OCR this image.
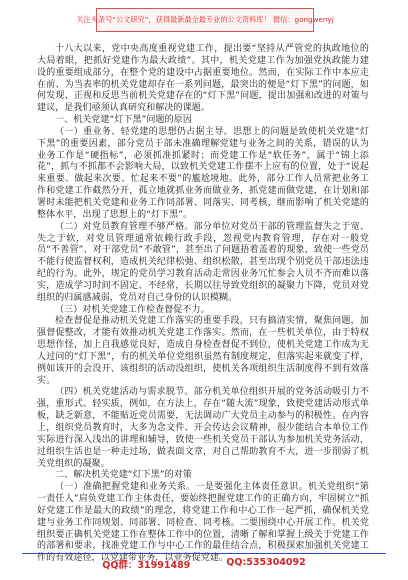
关注头条号“公文研究”，获得最新最全最专业的公文资料库！ 微信：gongwenyj

十八大以来，党中央高度重视党建工作，提出要“坚持从严管党的执政地位的大局着眼，把抓好党建作为最大政绩”。其中，机关党建工作为加强党执政能力建设的重要组成部分，在整个党的建设中占据重要地位。然而，在实际工作中本应走在前、为当表率的机关党建却存在一系列问题，最突出的便是“灯下黑”的问题，如何发现、正视和反思当前机关党建存在的“灯下黑”问题，提出加强和改进的对策与建议，是我们亟须认真研究和解决的课题。

一、机关党建“灯下黑”问题的原因

（一）重业务、轻党建的思想仍占据主导。思想上的问题是致使机关党建“灯下黑”的重要因素，部分党员干部未准确理解党建与业务之间的关系，错误的认为业务工作是“硬指标”，必须抓准抓紧时；而党建工作是“软任务”，属于“锦上添花”，抓与不抓都不会影响大局，以致机关党建工作摆不上应有的位置，处于“说起来重要、做起来次要、忙起来不要”的尴尬境地。此外，部分工作人员常把业务工作和党建工作截然分开，孤立地就抓业务而做业务，抓党建而做党建，在计划和部署时未能把机关党建和业务工作同部署、同落实、同考核，继而影响了机关党建的整体水平，出现了思想上的“灯下黑”。

（二）对党员教育管理不够严格。部分单位对党员干部的管理监督失之于宽、失之于软，对党员管理通常依赖行政手段，忽视党内教育管理，存在对一般党员“不善管”、对干部党员“不敢管”，甚至出了问题捂着盖着的现象，致使一些党员不能行使监督权利，造成机关纪律松弛、组织松散，甚至出现个别党员干部违法违纪的行为。此外，规定的党员学习教育活动走常因业务冗忙参会人员不齐而难以落实，造成学习时间不固定、不经常，长期以往导致党组织的凝聚力下降，党员对党组织的归属感减弱，党员对自己身份的认识模糊。

（三）对机关党建工作检查督促不力。

检查督促是推动机关党建工作落实的重要手段，只有搞清实情，聚焦问题，加强督促整改，才能有效推动机关党建工作落实。然而，在一些机关单位，由于特权思想作怪，加上自我感觉良好，造成自身检查督促不到位，使机关党建工作成为无人过问的“灯下黑”，有的机关单位党组织虽然有制度规定，但落实起来就变了样，例如该开的会没开、该组织的活动没组织，使机关各项组织生活制度得不到有效落实。

（四）机关党建活动与需求脱节。部分机关单位组织开展的党务活动吸引力不强，重形式、轻实质，例如，在方法上，存在“随大流”现象，致使党建活动形式单板，缺乏新意，不能贴近党员需要，无法调动广大党员主动参与的积极性。在内容上，组织党员教育时，大多为念文件、开会传达会议精神，很少能结合本单位工作实际进行深入浅出的讲理和辅导，致使一些机关党员干部认为参加机关党务活动，过组织生活也是一种走过场，做表面文章，对自己帮助教育不大，进一步削弱了机关党组织的凝聚。

二、解决机关党建“灯下黑”的对策

（一）准确把握党建和业务关系。一是要强化主体责任意识。机关党组织“第一责任人”肩负党建工作主体责任，要始终把握党建工作的正确方向，牢固树立“抓好党建工作是最大的政绩”的理念，将党建工作和中心工作一起严抓，确保机关党建与业务工作同规划、同部署、同检查、同考核。二要围绕中心开展工作。机关党组织要正确机关党建工作在整体工作中的位置，清晰了解和掌握上级关于党建工作的部署和要求，找准党建工作与中心工作的最佳结合点，积极探索加强机关党建工作的有效途径，以党建带业务，以业务促党建。

QQ群：31991489	QQ:535304092
